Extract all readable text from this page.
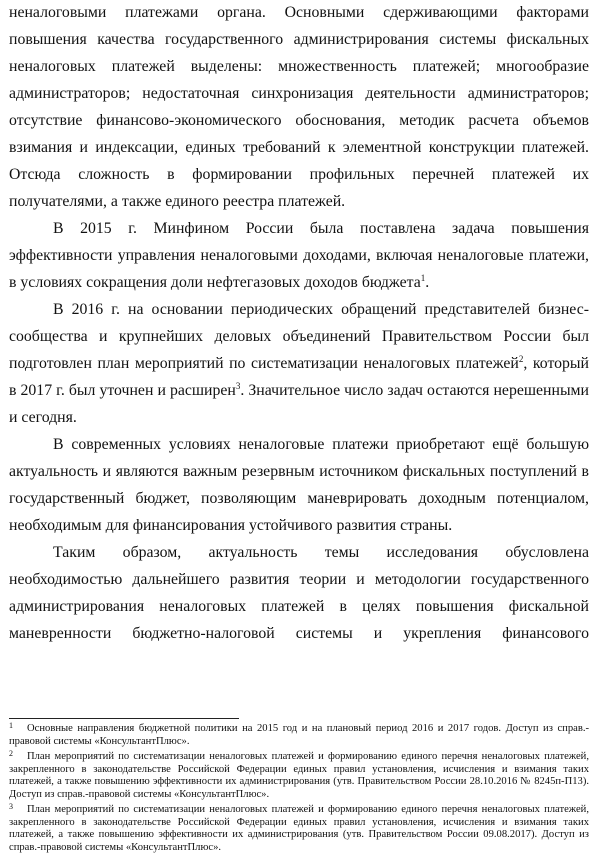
неналоговыми платежами органа. Основными сдерживающими факторами повышения качества государственного администрирования системы фискальных неналоговых платежей выделены: множественность платежей; многообразие администраторов; недостаточная синхронизация деятельности администраторов; отсутствие финансово-экономического обоснования, методик расчета объемов взимания и индексации, единых требований к элементной конструкции платежей. Отсюда сложность в формировании профильных перечней платежей их получателями, а также единого реестра платежей.

В 2015 г. Минфином России была поставлена задача повышения эффективности управления неналоговыми доходами, включая неналоговые платежи, в условиях сокращения доли нефтегазовых доходов бюджета$^1$.

В 2016 г. на основании периодических обращений представителей бизнес-сообщества и крупнейших деловых объединений Правительством России был подготовлен план мероприятий по систематизации неналоговых платежей$^2$, который в 2017 г. был уточнен и расширен$^3$. Значительное число задач остаются нерешенными и сегодня.

В современных условиях неналоговые платежи приобретают ещё большую актуальность и являются важным резервным источником фискальных поступлений в государственный бюджет, позволяющим маневрировать доходным потенциалом, необходимым для финансирования устойчивого развития страны.

Таким образом, актуальность темы исследования обусловлена необходимостью дальнейшего развития теории и методологии государственного администрирования неналоговых платежей в целях повышения фискальной маневренности бюджетно-налоговой системы и укрепления финансового

1 Основные направления бюджетной политики на 2015 год и на плановый период 2016 и 2017 годов. Доступ из справ.-правовой системы «КонсультантПлюс».

2 План мероприятий по систематизации неналоговых платежей и формированию единого перечня неналоговых платежей, закрепленного в законодательстве Российской Федерации единых правил установления, исчисления и взимания таких платежей, а также повышению эффективности их администрирования (утв. Правительством России 28.10.2016 № 8245п-П13). Доступ из справ.-правовой системы «КонсультантПлюс».

3 План мероприятий по систематизации неналоговых платежей и формированию единого перечня неналоговых платежей, закрепленного в законодательстве Российской Федерации единых правил установления, исчисления и взимания таких платежей, а также повышению эффективности их администрирования (утв. Правительством России 09.08.2017). Доступ из справ.-правовой системы «КонсультантПлюс».
